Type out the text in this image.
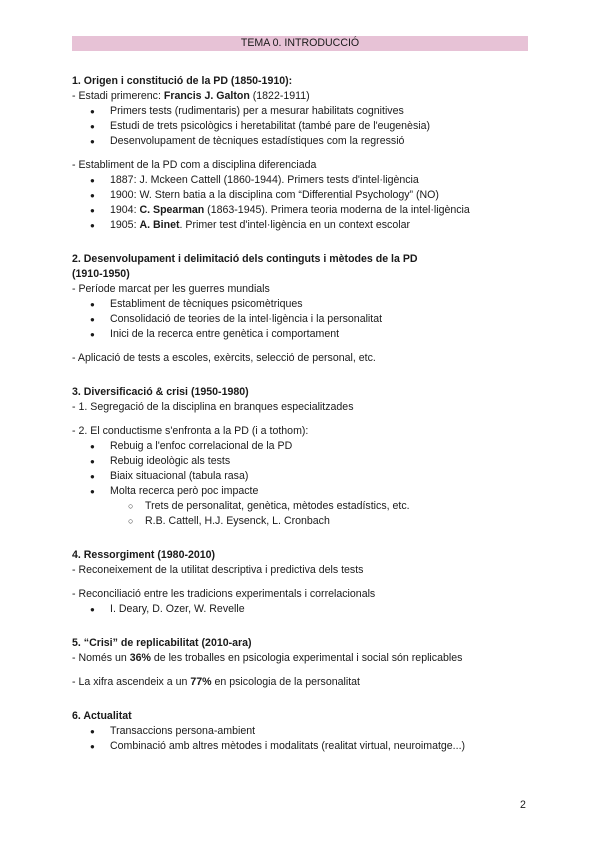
TEMA 0. INTRODUCCIÓ
1. Origen i constitució de la PD (1850-1910):
- Estadi primerenc: Francis J. Galton (1822-1911)
● Primers tests (rudimentaris) per a mesurar habilitats cognitives
● Estudi de trets psicològics i heretabilitat (també pare de l'eugenèsia)
● Desenvolupament de tècniques estadístiques com la regressió
- Establiment de la PD com a disciplina diferenciada
● 1887: J. Mckeen Cattell (1860-1944). Primers tests d'intel·ligència
● 1900: W. Stern batia a la disciplina com “Differential Psychology” (NO)
● 1904: C. Spearman (1863-1945). Primera teoria moderna de la intel·ligència
● 1905: A. Binet. Primer test d'intel·ligència en un context escolar
2. Desenvolupament i delimitació dels continguts i mètodes de la PD
(1910-1950)
- Període marcat per les guerres mundials
● Establiment de tècniques psicomètriques
● Consolidació de teories de la intel·ligència i la personalitat
● Inici de la recerca entre genètica i comportament
- Aplicació de tests a escoles, exèrcits, selecció de personal, etc.
3. Diversificació & crisi (1950-1980)
- 1. Segregació de la disciplina en branques especialitzades
- 2. El conductisme s'enfronta a la PD (i a tothom):
● Rebuig a l'enfoc correlacional de la PD
● Rebuig ideològic als tests
● Biaix situacional (tabula rasa)
● Molta recerca però poc impacte
○ Trets de personalitat, genètica, mètodes estadístics, etc.
○ R.B. Cattell, H.J. Eysenck, L. Cronbach
4. Ressorgiment (1980-2010)
- Reconeixement de la utilitat descriptiva i predictiva dels tests
- Reconciliació entre les tradicions experimentals i correlacionals
● I. Deary, D. Ozer, W. Revelle
5. “Crisi” de replicabilitat (2010-ara)
- Només un 36% de les troballes en psicologia experimental i social són replicables
- La xifra ascendeix a un 77% en psicologia de la personalitat
6. Actualitat
● Transaccions persona-ambient
● Combinació amb altres mètodes i modalitats (realitat virtual, neuroimatge...)
2
